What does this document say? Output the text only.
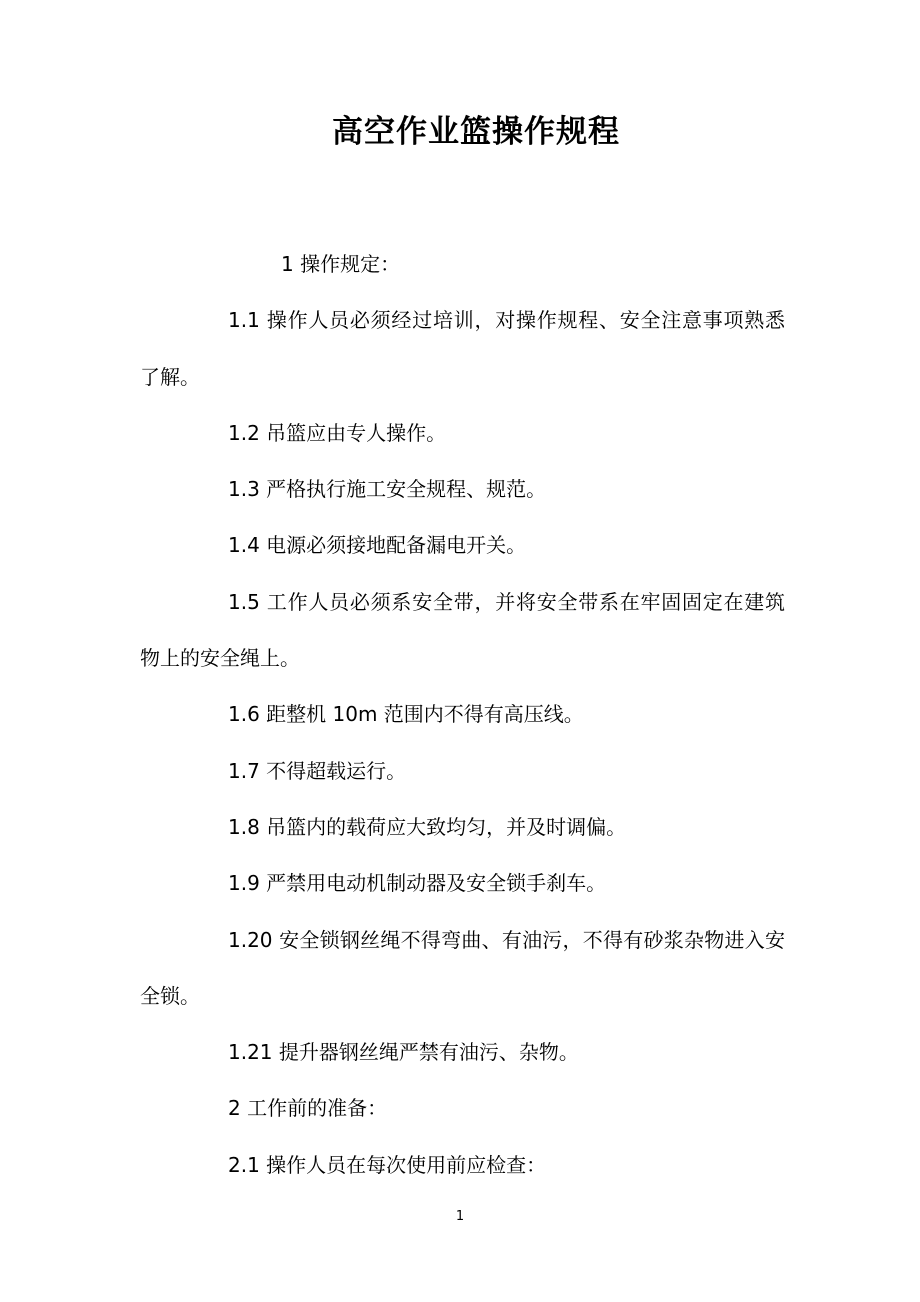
高空作业篮操作规程

1 操作规定：

1.1 操作人员必须经过培训，对操作规程、安全注意事项熟悉了解。

1.2 吊篮应由专人操作。

1.3 严格执行施工安全规程、规范。

1.4 电源必须接地配备漏电开关。

1.5 工作人员必须系安全带，并将安全带系在牢固固定在建筑物上的安全绳上。

1.6 距整机 10m 范围内不得有高压线。

1.7 不得超载运行。

1.8 吊篮内的载荷应大致均匀，并及时调偏。

1.9 严禁用电动机制动器及安全锁手刹车。

1.20 安全锁钢丝绳不得弯曲、有油污，不得有砂浆杂物进入安全锁。

1.21 提升器钢丝绳严禁有油污、杂物。

2 工作前的准备：

2.1 操作人员在每次使用前应检查：

1
